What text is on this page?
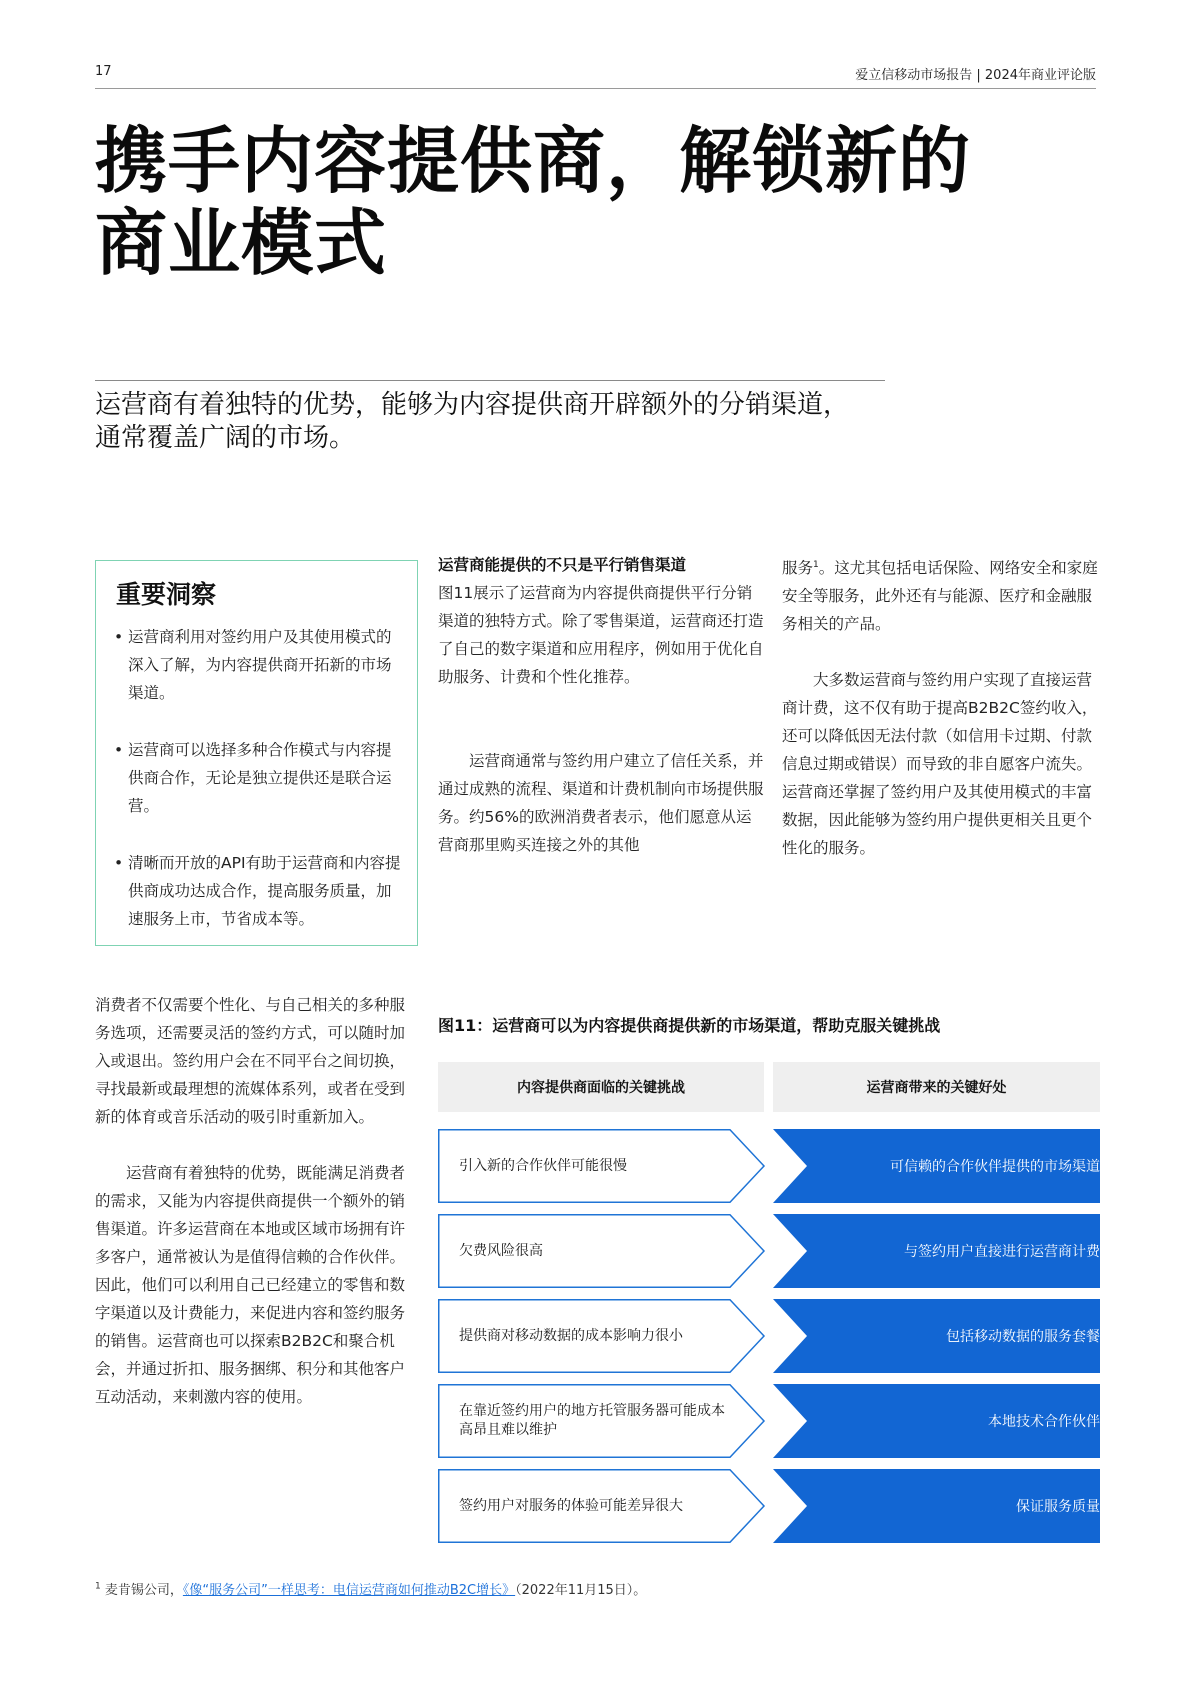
17	爱立信移动市场报告 | 2024年商业评论版
携手内容提供商，解锁新的
商业模式
运营商有着独特的优势，能够为内容提供商开辟额外的分销渠道，
通常覆盖广阔的市场。
重要洞察
• 运营商利用对签约用户及其使用模式的深入了解，为内容提供商开拓新的市场渠道。
• 运营商可以选择多种合作模式与内容提供商合作，无论是独立提供还是联合运营。
• 清晰而开放的API有助于运营商和内容提供商成功达成合作，提高服务质量，加速服务上市，节省成本等。
运营商能提供的不只是平行销售渠道

图11展示了运营商为内容提供商提供平行分销渠道的独特方式。除了零售渠道，运营商还打造了自己的数字渠道和应用程序，例如用于优化自助服务、计费和个性化推荐。

运营商通常与签约用户建立了信任关系，并通过成熟的流程、渠道和计费机制向市场提供服务。约56%的欧洲消费者表示，他们愿意从运营商那里购买连接之外的其他

服务$^1$。这尤其包括电话保险、网络安全和家庭安全等服务，此外还有与能源、医疗和金融服务相关的产品。

大多数运营商与签约用户实现了直接运营商计费，这不仅有助于提高B2B2C签约收入，还可以降低因无法付款（如信用卡过期、付款信息过期或错误）而导致的非自愿客户流失。运营商还掌握了签约用户及其使用模式的丰富数据，因此能够为签约用户提供更相关且更个性化的服务。

消费者不仅需要个性化、与自己相关的多种服务选项，还需要灵活的签约方式，可以随时加入或退出。签约用户会在不同平台之间切换，寻找最新或最理想的流媒体系列，或者在受到新的体育或音乐活动的吸引时重新加入。

运营商有着独特的优势，既能满足消费者的需求，又能为内容提供商提供一个额外的销售渠道。许多运营商在本地或区域市场拥有许多客户，通常被认为是值得信赖的合作伙伴。因此，他们可以利用自己已经建立的零售和数字渠道以及计费能力，来促进内容和签约服务的销售。运营商也可以探索B2B2C和聚合机会，并通过折扣、服务捆绑、积分和其他客户互动活动，来刺激内容的使用。

图11：运营商可以为内容提供商提供新的市场渠道，帮助克服关键挑战
内容提供商面临的关键挑战	运营商带来的关键好处
引入新的合作伙伴可能很慢	可信赖的合作伙伴提供的市场渠道
欠费风险很高	与签约用户直接进行运营商计费
提供商对移动数据的成本影响力很小	包括移动数据的服务套餐
在靠近签约用户的地方托管服务器可能成本高昂且难以维护	本地技术合作伙伴
签约用户对服务的体验可能差异很大	保证服务质量
$^1$ 麦肯锡公司，《像“服务公司”一样思考：电信运营商如何推动B2C增长》（2022年11月15日）。
